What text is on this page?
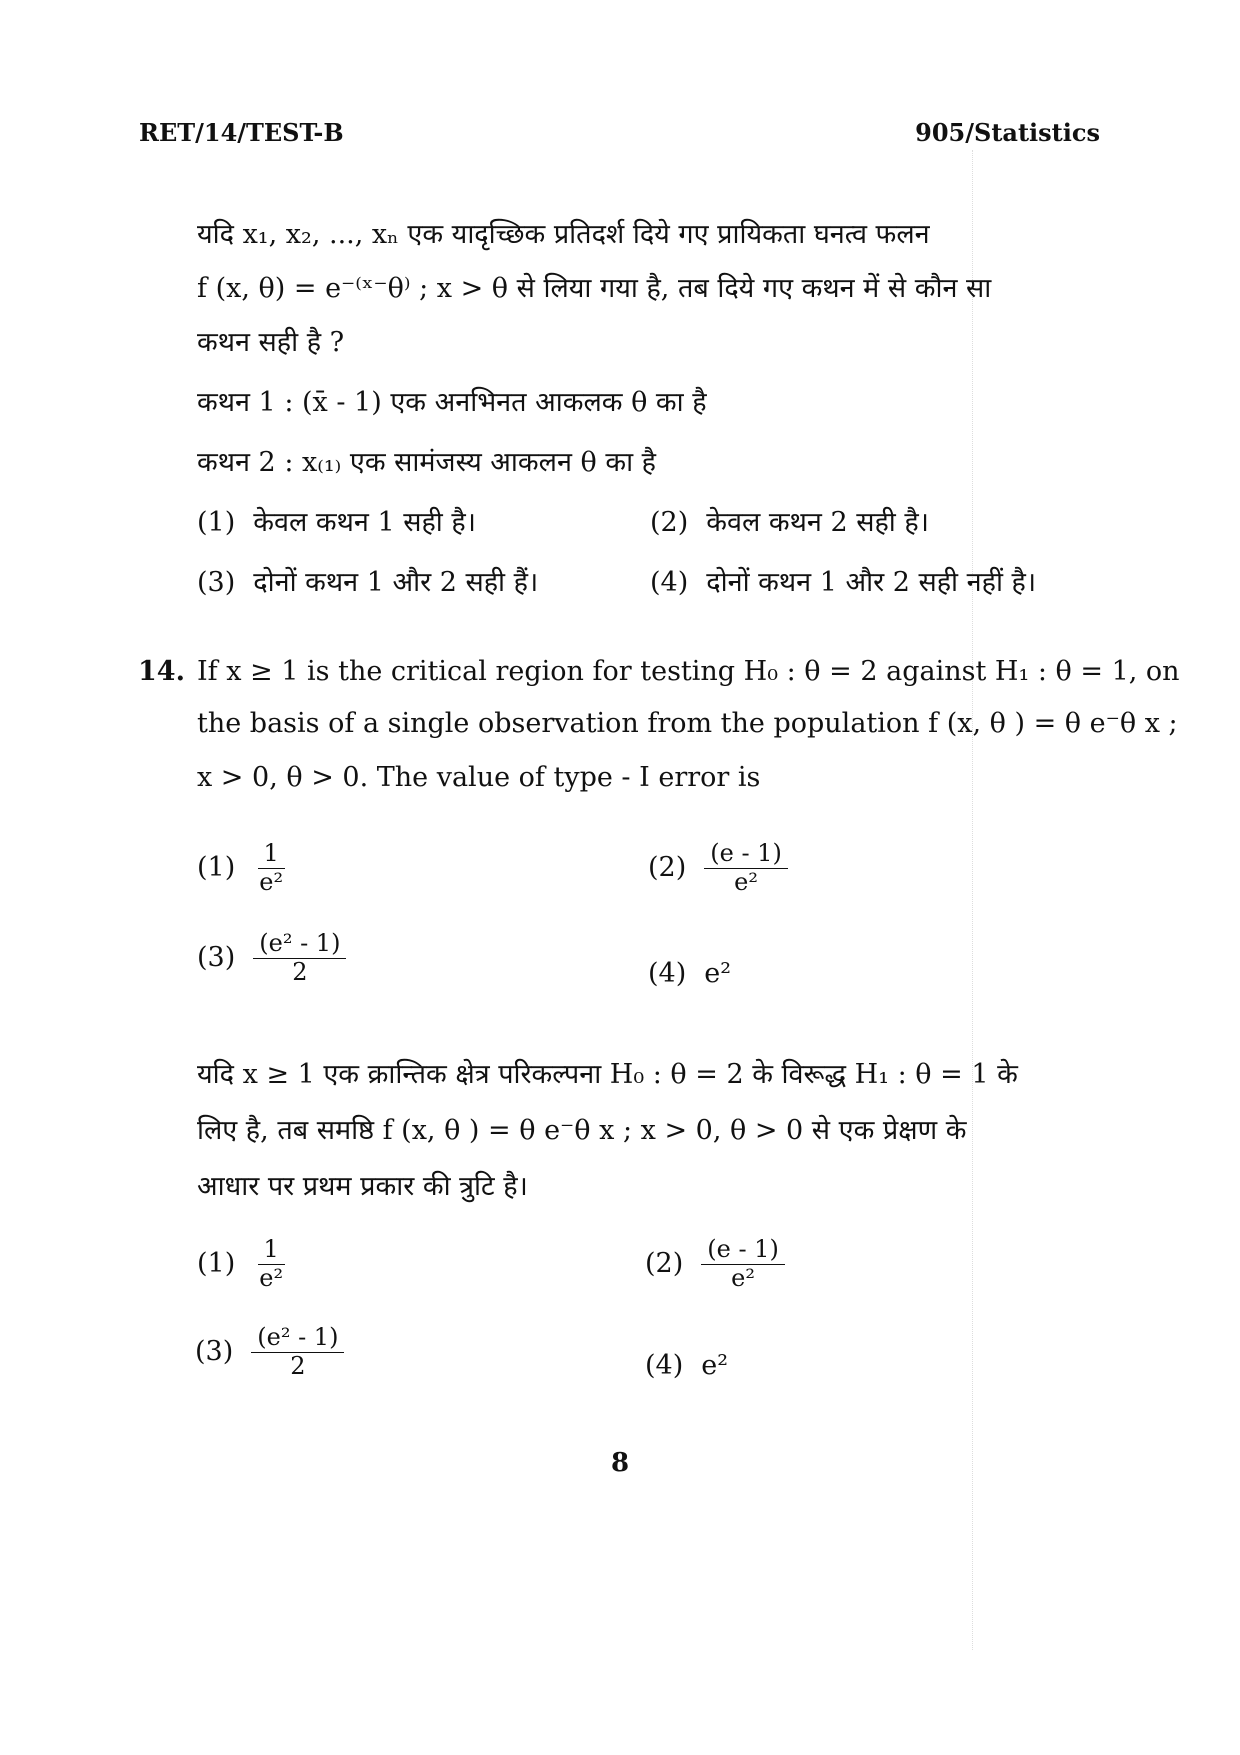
RET/14/TEST-B	905/Statistics
यदि x₁, x₂, ..., xₙ एक यादृच्छिक प्रतिदर्श दिये गए प्रायिकता घनत्व फलन
f (x, θ) = e⁻⁽ˣ⁻θ⁾ ; x > θ से लिया गया है, तब दिये गए कथन में से कौन सा
कथन सही है ?
कथन 1 : (x̄ - 1) एक अनभिनत आकलक θ का है
कथन 2 : x₍₁₎ एक सामंजस्य आकलन θ का है
(1) केवल कथन 1 सही है।	(2) केवल कथन 2 सही है।
(3) दोनों कथन 1 और 2 सही हैं।	(4) दोनों कथन 1 और 2 सही नहीं है।
14. If x ≥ 1 is the critical region for testing H₀ : θ = 2 against H₁ : θ = 1, on
the basis of a single observation from the population f (x, θ ) = θ e⁻θ x ;
x > 0, θ > 0. The value of type - I error is
$(1) \frac{1}{\text{e²}}$	$(2) \frac{(e - 1)}{\text{e²}}$
$(3) \frac{\text{(e² - 1)}}{2}$	(4) e²
यदि x ≥ 1 एक क्रान्तिक क्षेत्र परिकल्पना H₀ : θ = 2 के विरूद्ध H₁ : θ = 1 के
लिए है, तब समष्ठि f (x, θ ) = θ e⁻θ x ; x > 0, θ > 0 से एक प्रेक्षण के
आधार पर प्रथम प्रकार की त्रुटि है।
$(1) \frac{1}{\text{e²}}$	$(2) \frac{(e - 1)}{\text{e²}}$
$(3) \frac{\text{(e² - 1)}}{2}$	(4) e²
8
